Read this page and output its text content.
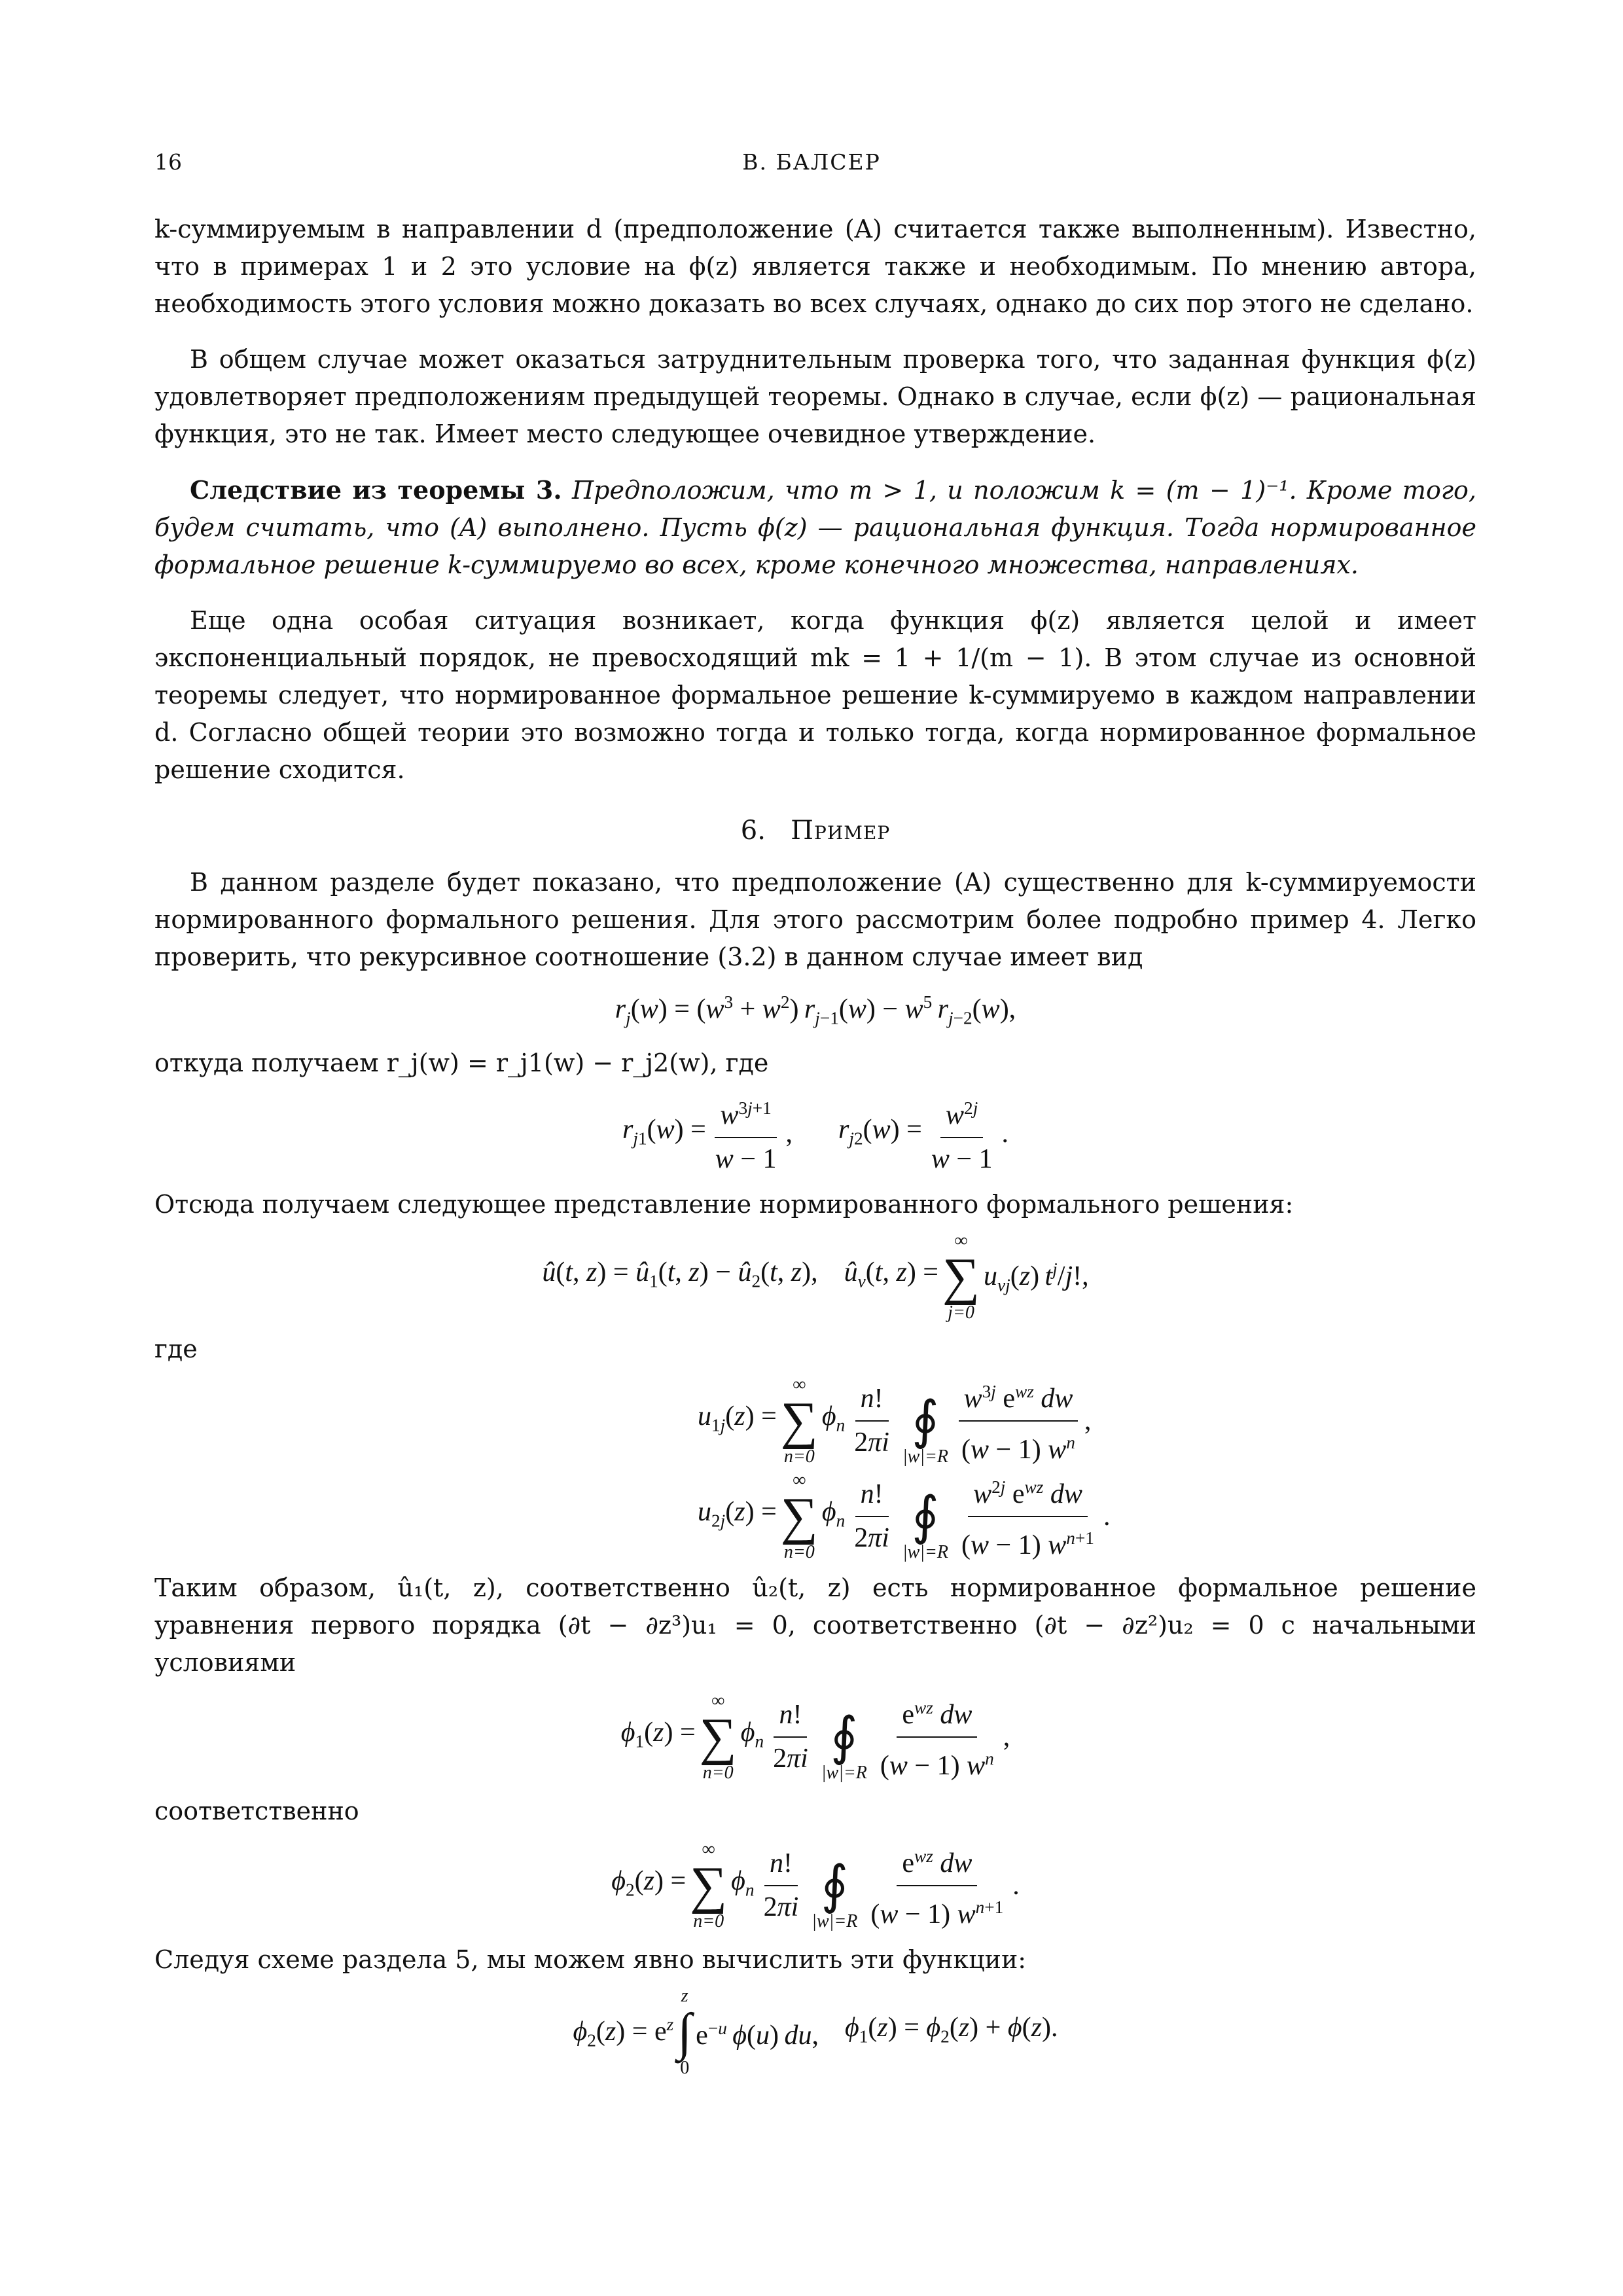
16	В. БАЛСЕР

k-суммируемым в направлении d (предположение (A) считается также выполненным). Известно, что в примерах 1 и 2 это условие на ϕ(z) является также и необходимым. По мнению автора, необходимость этого условия можно доказать во всех случаях, однако до сих пор этого не сделано.

В общем случае может оказаться затруднительным проверка того, что заданная функция ϕ(z) удовлетворяет предположениям предыдущей теоремы. Однако в случае, если ϕ(z) — рациональная функция, это не так. Имеет место следующее очевидное утверждение.

Следствие из теоремы 3. Предположим, что m > 1, и положим k = (m − 1)⁻¹. Кроме того, будем считать, что (A) выполнено. Пусть ϕ(z) — рациональная функция. Тогда нормированное формальное решение k-суммируемо во всех, кроме конечного множества, направлениях.

Еще одна особая ситуация возникает, когда функция ϕ(z) является целой и имеет экспоненциальный порядок, не превосходящий mk = 1 + 1/(m − 1). В этом случае из основной теоремы следует, что нормированное формальное решение k-суммируемо в каждом направлении d. Согласно общей теории это возможно тогда и только тогда, когда нормированное формальное решение сходится.

6. Пример

В данном разделе будет показано, что предположение (A) существенно для k-суммируемости нормированного формального решения. Для этого рассмотрим более подробно пример 4. Легко проверить, что рекурсивное соотношение (3.2) в данном случае имеет вид

$r_j(w) = (w^3 + w^2) r_{j-1}(w) - w^5$  $r_{j-2}(w)$,

откуда получаем r_j(w) = r_j1(w) − r_j2(w), где

$r_{j1}(w) = \frac{w^{3j+1}}{w - 1}$ , $r_{j2}(w) = \frac{w^{2j}}{w - 1}$ .

Отсюда получаем следующее представление нормированного формального решения:

û(t, $z) = û_1(t$, $z) - û_2(t$, z), $û_\nu(t$, z) =
∞
∑
j=0
$u_{\nu j}(z)$ $t^j/j$!,

где

$u_{1j}(z)$ =
∞
∑
n=0
$\phi_n \frac{n!}{2\pi i}$
∮
$|w|=R \frac{w^{3j} e^{wz} dw}{(w - 1) w^n}$ ,
$u_{2j}(z)$ =
∞
∑
n=0
$\phi_n \frac{n!}{2\pi i}$
∮
$|w|=R \frac{w^{2j} e^{wz} dw}{(w - 1) w^{n+1}}$ .

Таким образом, û₁(t, z), соответственно û₂(t, z) есть нормированное формальное решение уравнения первого порядка (∂t − ∂z³)u₁ = 0, соответственно (∂t − ∂z²)u₂ = 0 с начальными условиями

$\phi_1(z)$ =
∞
∑
n=0
$\phi_n \frac{n!}{2\pi i}$
∮
$|w|=R \frac{e^{wz} dw}{(w - 1) w^n}$ ,

соответственно

$\phi_2(z)$ =
∞
∑
n=0
$\phi_n \frac{n!}{2\pi i}$
∮
$|w|=R \frac{e^{wz} dw}{(w - 1) w^{n+1}}$ .

Следуя схеме раздела 5, мы можем явно вычислить эти функции:

$\phi_2(z) = e^z$
z
∫
0
$e^{-u}$  ϕ(u) du, $\phi_1(z) = \phi_2(z) + \phi(z)$.
